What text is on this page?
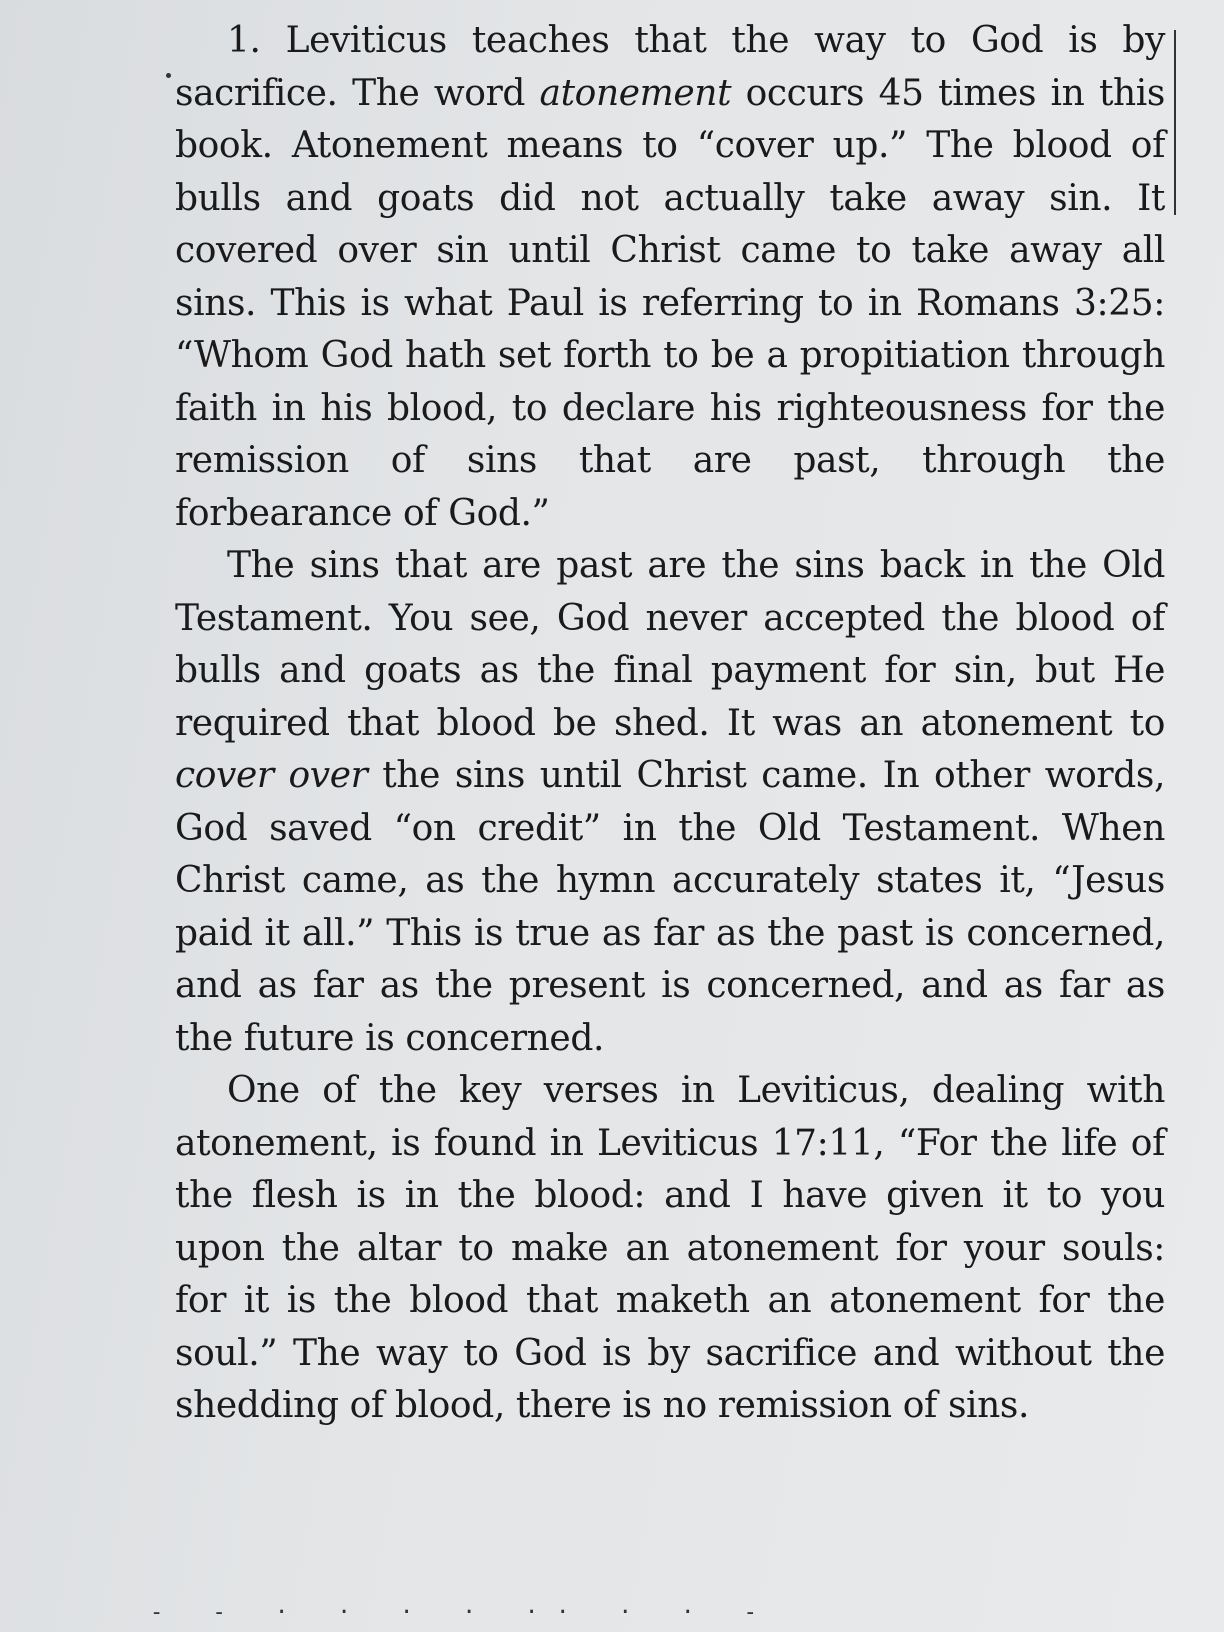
1. Leviticus teaches that the way to God is by sacrifice. The word atonement occurs 45 times in this book. Atonement means to “cover up.” The blood of bulls and goats did not actually take away sin. It covered over sin until Christ came to take away all sins. This is what Paul is referring to in Romans 3:25: “Whom God hath set forth to be a propitiation through faith in his blood, to declare his righteousness for the remission of sins that are past, through the forbearance of God.”

The sins that are past are the sins back in the Old Testament. You see, God never accepted the blood of bulls and goats as the final payment for sin, but He required that blood be shed. It was an atonement to cover over the sins until Christ came. In other words, God saved “on credit” in the Old Testament. When Christ came, as the hymn accurately states it, “Jesus paid it all.” This is true as far as the past is concerned, and as far as the present is concerned, and as far as the future is concerned.

One of the key verses in Leviticus, dealing with atonement, is found in Leviticus 17:11, “For the life of the flesh is in the blood: and I have given it to you upon the altar to make an atonement for your souls: for it is the blood that maketh an atonement for the soul.” The way to God is by sacrifice and without the shedding of blood, there is no remission of sins.

- - · · · · ·· · · -
